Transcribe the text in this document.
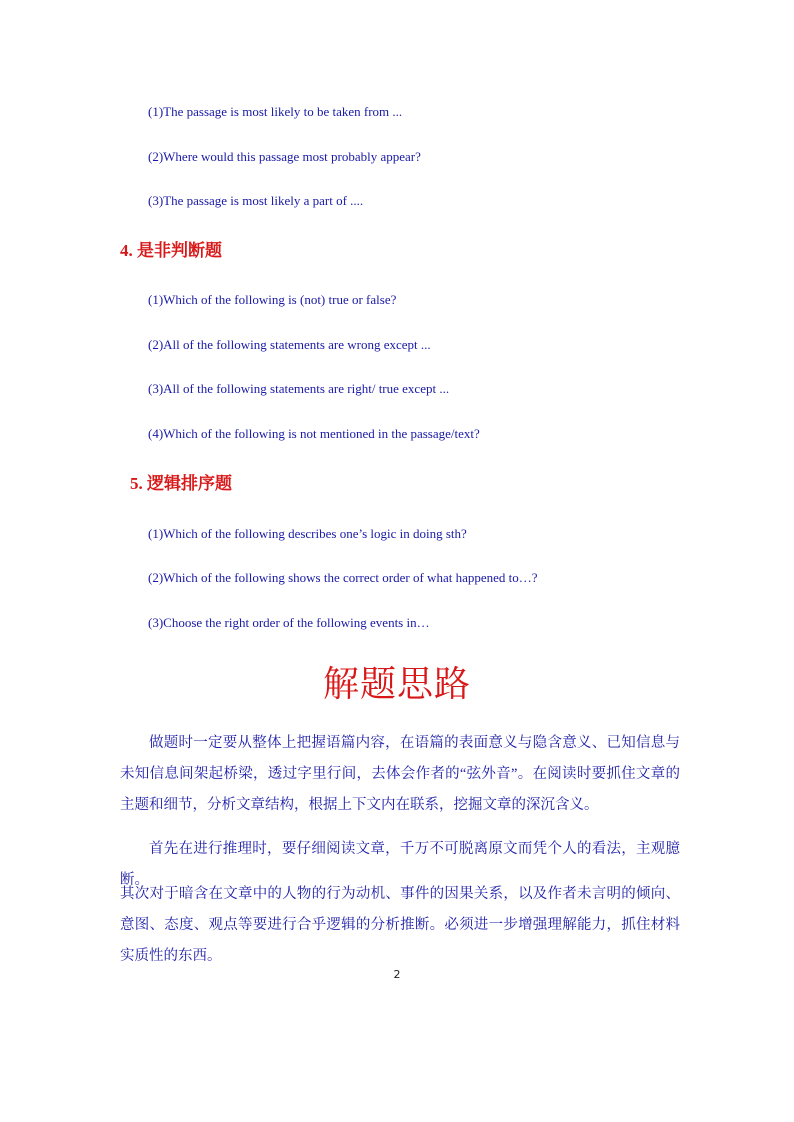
(1)The passage is most likely to be taken from ...
(2)Where would this passage most probably appear?
(3)The passage is most likely a part of ....
4. 是非判断题
(1)Which of the following is (not) true or false?
(2)All of the following statements are wrong except ...
(3)All of the following statements are right/ true except ...
(4)Which of the following is not mentioned in the passage/text?
5. 逻辑排序题
(1)Which of the following describes one’s logic in doing sth?
(2)Which of the following shows the correct order of what happened to…?
(3)Choose the right order of the following events in…
解题思路
做题时一定要从整体上把握语篇内容，在语篇的表面意义与隐含意义、已知信息与未知信息间架起桥梁，透过字里行间，去体会作者的“弦外音”。在阅读时要抓住文章的主题和细节，分析文章结构，根据上下文内在联系，挖掘文章的深沉含义。
首先在进行推理时，要仔细阅读文章，千万不可脱离原文而凭个人的看法，主观臆断。
其次对于暗含在文章中的人物的行为动机、事件的因果关系，以及作者未言明的倾向、意图、态度、观点等要进行合乎逻辑的分析推断。必须进一步增强理解能力，抓住材料实质性的东西。
2
